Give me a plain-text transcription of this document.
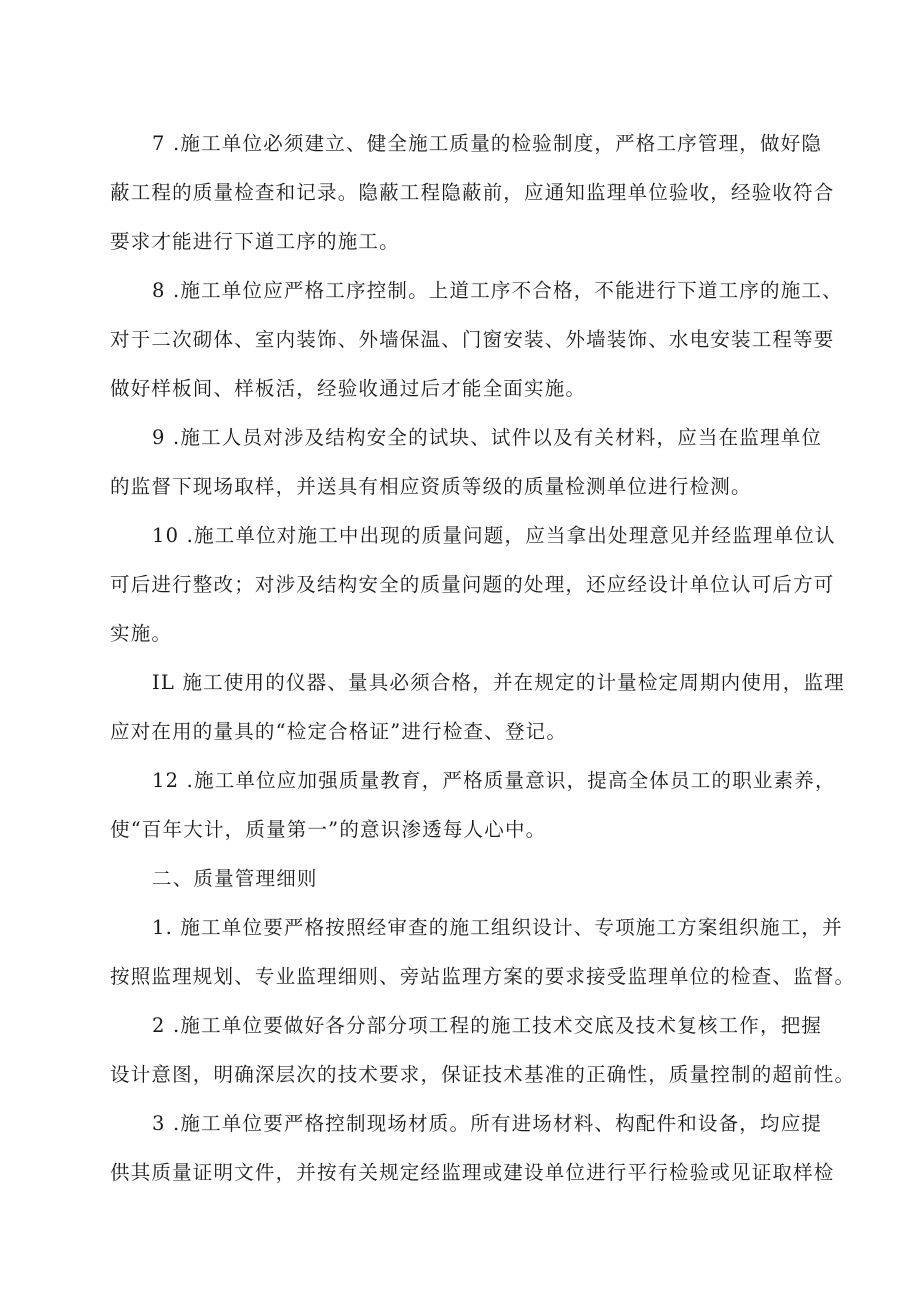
7 .施工单位必须建立、健全施工质量的检验制度，严格工序管理，做好隐
蔽工程的质量检查和记录。隐蔽工程隐蔽前，应通知监理单位验收，经验收符合
要求才能进行下道工序的施工。
8 .施工单位应严格工序控制。上道工序不合格，不能进行下道工序的施工、
对于二次砌体、室内装饰、外墙保温、门窗安装、外墙装饰、水电安装工程等要
做好样板间、样板活，经验收通过后才能全面实施。
9 .施工人员对涉及结构安全的试块、试件以及有关材料，应当在监理单位
的监督下现场取样，并送具有相应资质等级的质量检测单位进行检测。
10 .施工单位对施工中出现的质量问题，应当拿出处理意见并经监理单位认
可后进行整改；对涉及结构安全的质量问题的处理，还应经设计单位认可后方可
实施。
IL 施工使用的仪器、量具必须合格，并在规定的计量检定周期内使用，监理
应对在用的量具的“检定合格证”进行检查、登记。
12 .施工单位应加强质量教育，严格质量意识，提高全体员工的职业素养，
使“百年大计，质量第一”的意识渗透每人心中。
二、质量管理细则
1. 施工单位要严格按照经审查的施工组织设计、专项施工方案组织施工，并
按照监理规划、专业监理细则、旁站监理方案的要求接受监理单位的检查、监督。
2 .施工单位要做好各分部分项工程的施工技术交底及技术复核工作，把握
设计意图，明确深层次的技术要求，保证技术基准的正确性，质量控制的超前性。
3 .施工单位要严格控制现场材质。所有进场材料、构配件和设备，均应提
供其质量证明文件，并按有关规定经监理或建设单位进行平行检验或见证取样检
